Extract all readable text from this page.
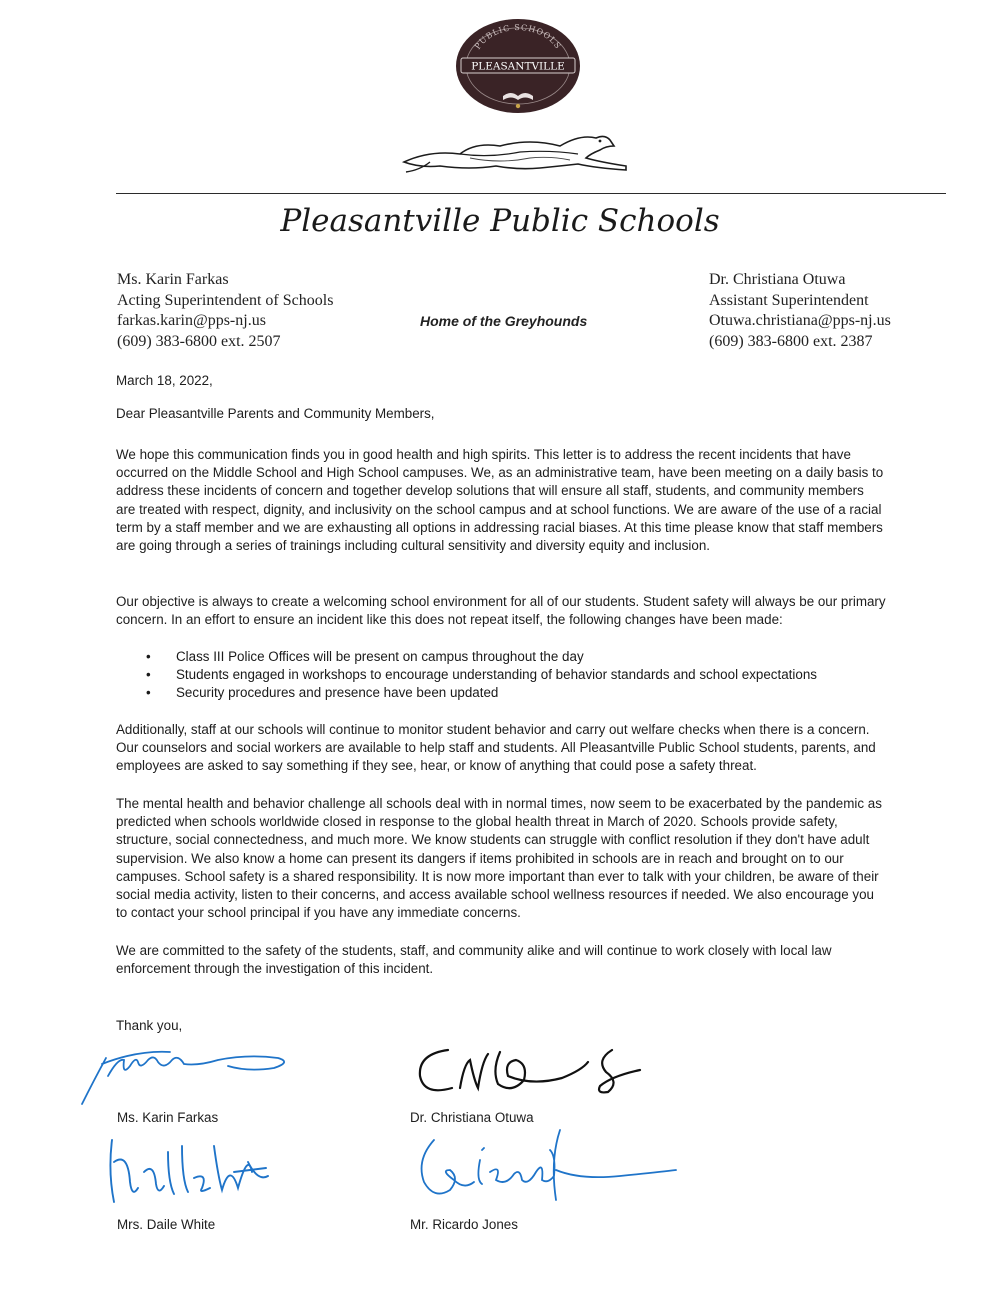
PUBLIC SCHOOLS
PLEASANTVILLE
Pleasantville Public Schools
Ms. Karin Farkas
Acting Superintendent of Schools
farkas.karin@pps-nj.us
(609) 383-6800 ext. 2507
Home of the Greyhounds
Dr. Christiana Otuwa
Assistant Superintendent
Otuwa.christiana@pps-nj.us
(609) 383-6800 ext. 2387
March 18, 2022,
Dear Pleasantville Parents and Community Members,
We hope this communication finds you in good health and high spirits. This letter is to address the recent incidents that have occurred on the Middle School and High School campuses. We, as an administrative team, have been meeting on a daily basis to address these incidents of concern and together develop solutions that will ensure all staff, students, and community members are treated with respect, dignity, and inclusivity on the school campus and at school functions. We are aware of the use of a racial term by a staff member and we are exhausting all options in addressing racial biases. At this time please know that staff members are going through a series of trainings including cultural sensitivity and diversity equity and inclusion.
Our objective is always to create a welcoming school environment for all of our students. Student safety will always be our primary concern. In an effort to ensure an incident like this does not repeat itself, the following changes have been made:
• Class III Police Offices will be present on campus throughout the day
• Students engaged in workshops to encourage understanding of behavior standards and school expectations
• Security procedures and presence have been updated
Additionally, staff at our schools will continue to monitor student behavior and carry out welfare checks when there is a concern. Our counselors and social workers are available to help staff and students. All Pleasantville Public School students, parents, and employees are asked to say something if they see, hear, or know of anything that could pose a safety threat.
The mental health and behavior challenge all schools deal with in normal times, now seem to be exacerbated by the pandemic as predicted when schools worldwide closed in response to the global health threat in March of 2020. Schools provide safety, structure, social connectedness, and much more. We know students can struggle with conflict resolution if they don't have adult supervision. We also know a home can present its dangers if items prohibited in schools are in reach and brought on to our campuses. School safety is a shared responsibility. It is now more important than ever to talk with your children, be aware of their social media activity, listen to their concerns, and access available school wellness resources if needed. We also encourage you to contact your school principal if you have any immediate concerns.
We are committed to the safety of the students, staff, and community alike and will continue to work closely with local law enforcement through the investigation of this incident.
Thank you,
Ms. Karin Farkas	Dr. Christiana Otuwa
Mrs. Daile White	Mr. Ricardo Jones
